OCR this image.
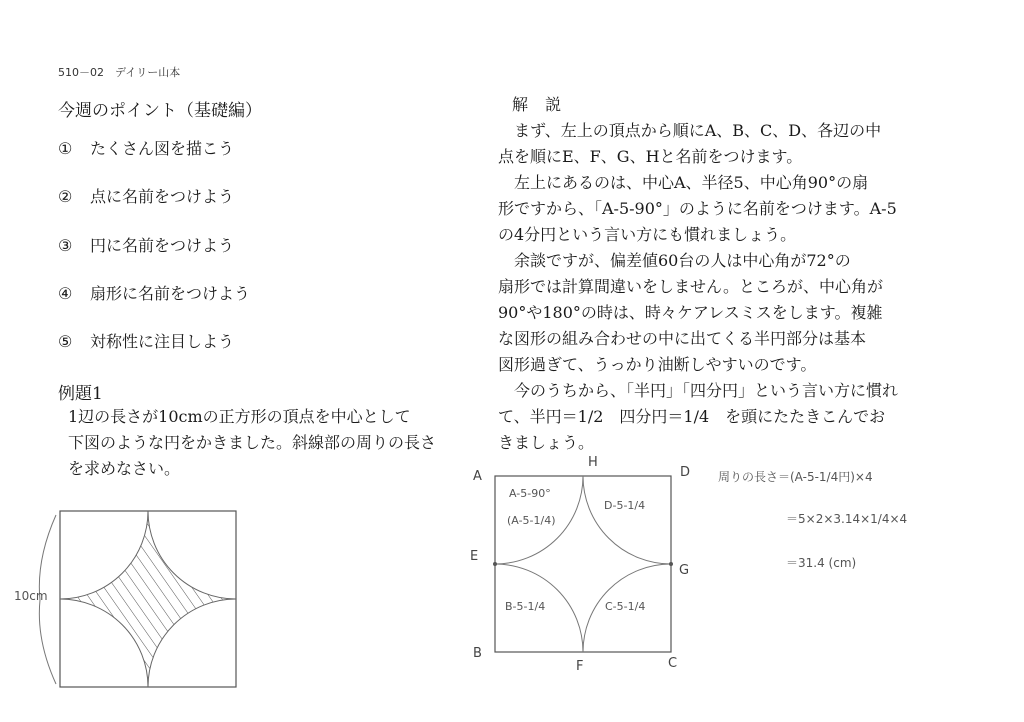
510－02　デイリー山本
今週のポイント（基礎編）
① たくさん図を描こう
② 点に名前をつけよう
③ 円に名前をつけよう
④ 扇形に名前をつけよう
⑤ 対称性に注目しよう
例題1
1辺の長さが10cmの正方形の頂点を中心として
下図のような円をかきました。斜線部の周りの長さ
を求めなさい。
解 説
　まず、左上の頂点から順にA、B、C、D、各辺の中
点を順にE、F、G、Hと名前をつけます。
　左上にあるのは、中心A、半径5、中心角90°の扇
形ですから、「A-5-90°」のように名前をつけます。A-5
の4分円という言い方にも慣れましょう。
　余談ですが、偏差値60台の人は中心角が72°の
扇形では計算間違いをしません。ところが、中心角が
90°や180°の時は、時々ケアレスミスをします。複雑
な図形の組み合わせの中に出てくる半円部分は基本
図形過ぎて、うっかり油断しやすいのです。
　今のうちから、「半円」「四分円」という言い方に慣れ
て、半円＝1/2　四分円＝1/4　を頭にたたきこんでお
きましょう。
10cm
A
B
C
D
E
F
G
H
A-5-90°
(A-5-1/4)
D-5-1/4
B-5-1/4	C-5-1/4
周りの長さ＝(A-5-1/4円)×4
＝5×2×3.14×1/4×4
＝31.4 (cm)
